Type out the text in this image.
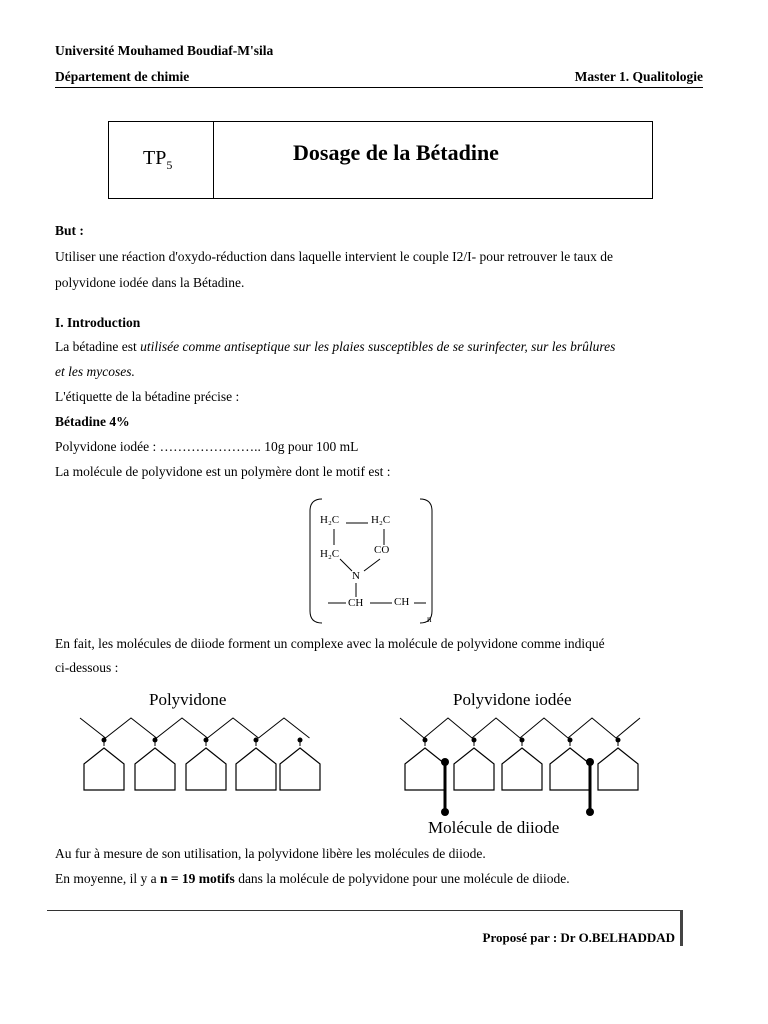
Université Mouhamed Boudiaf-M'sila
Département de chimie	Master 1. Qualitologie
$TP_5$	Dosage de la Bétadine
But :
Utiliser une réaction d'oxydo-réduction dans laquelle intervient le couple I2/I- pour retrouver le taux de
polyvidone iodée dans la Bétadine.
I. Introduction
La bétadine est utilisée comme antiseptique sur les plaies susceptibles de se surinfecter, sur les brûlures
et les mycoses.
L'étiquette de la bétadine précise :
Bétadine 4%
Polyvidone iodée : ………………….. 10g pour 100 mL
La molécule de polyvidone est un polymère dont le motif est :
H₂C	H₂C
H₂C	CO
N
CH	CH
n
En fait, les molécules de diiode forment un complexe avec la molécule de polyvidone comme indiqué
ci-dessous :
Polyvidone	Polyvidone iodée
Molécule de diiode
Au fur à mesure de son utilisation, la polyvidone libère les molécules de diiode.
En moyenne, il y a n = 19 motifs dans la molécule de polyvidone pour une molécule de diiode.
Proposé par : Dr O.BELHADDAD
